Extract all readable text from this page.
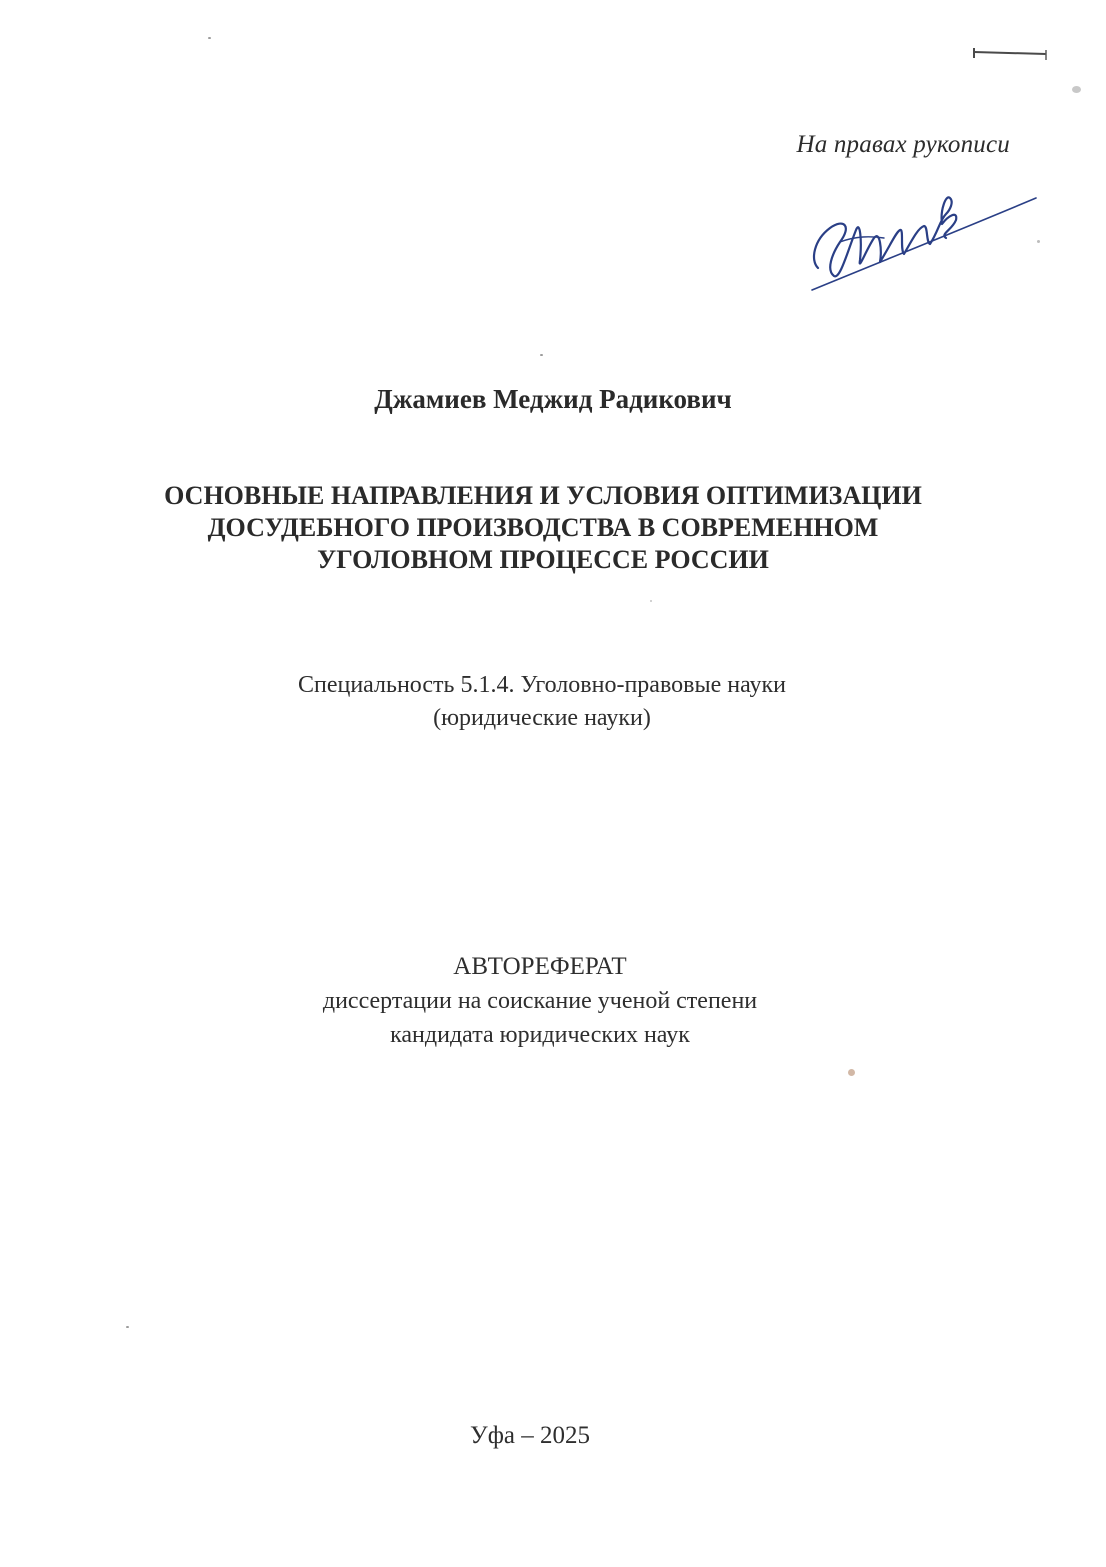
На правах рукописи
Джамиев Меджид Радикович
ОСНОВНЫЕ НАПРАВЛЕНИЯ И УСЛОВИЯ ОПТИМИЗАЦИИ
ДОСУДЕБНОГО ПРОИЗВОДСТВА В СОВРЕМЕННОМ
УГОЛОВНОМ ПРОЦЕССЕ РОССИИ
Специальность 5.1.4. Уголовно-правовые науки
(юридические науки)
АВТОРЕФЕРАТ
диссертации на соискание ученой степени
кандидата юридических наук
Уфа – 2025
